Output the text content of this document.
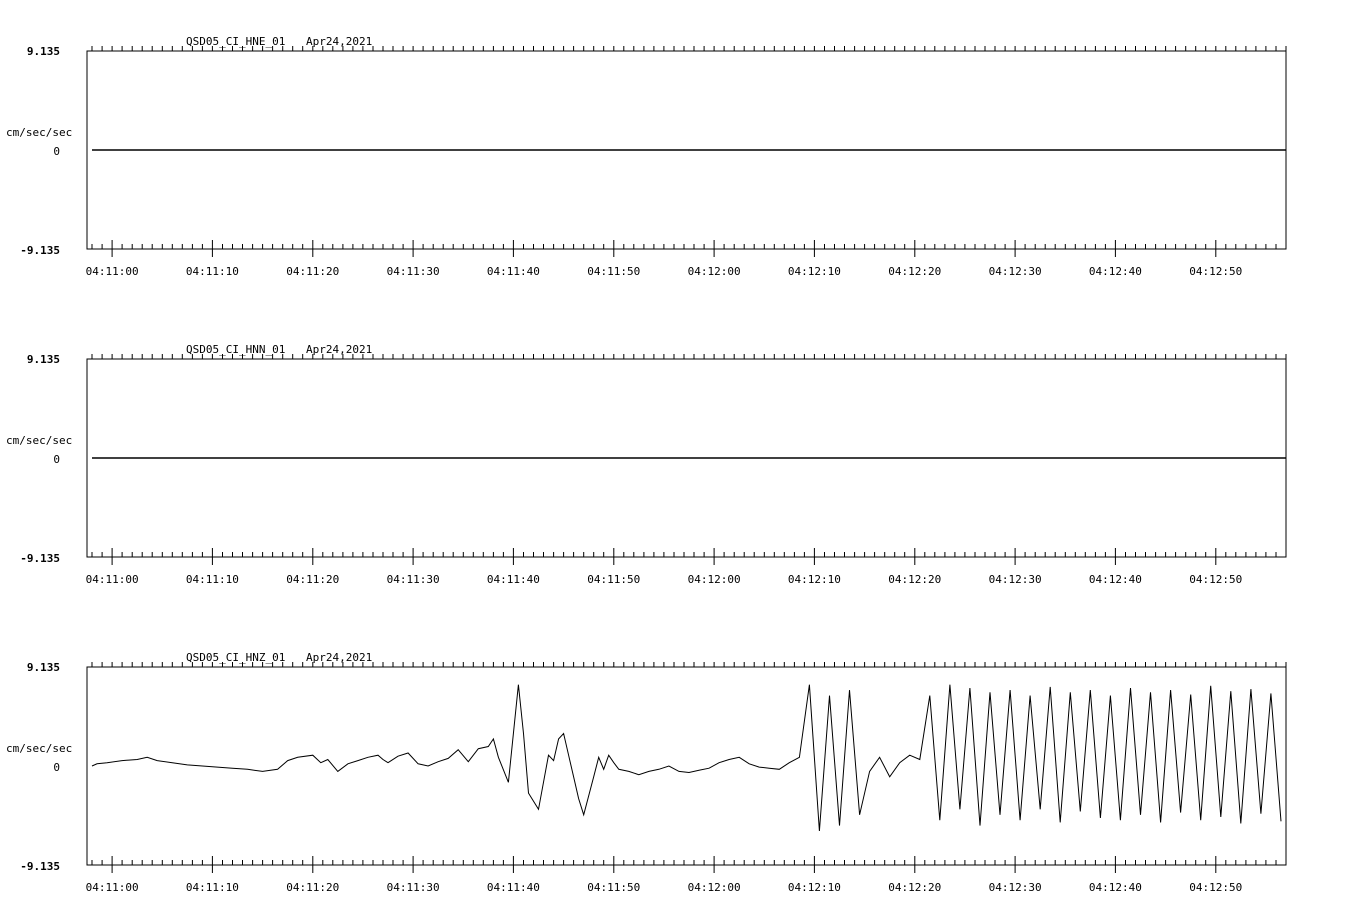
QSD05_CI_HNE_01 Apr24,2021
9.135
cm/sec/sec
0
-9.135
04:11:00	04:11:10	04:11:20	04:11:30	04:11:40	04:11:50	04:12:00	04:12:10	04:12:20	04:12:30	04:12:40	04:12:50
QSD05_CI_HNN_01 Apr24,2021
9.135
cm/sec/sec
0
-9.135
04:11:00	04:11:10	04:11:20	04:11:30	04:11:40	04:11:50	04:12:00	04:12:10	04:12:20	04:12:30	04:12:40	04:12:50
QSD05_CI_HNZ_01 Apr24,2021
9.135
cm/sec/sec
0
-9.135
04:11:00	04:11:10	04:11:20	04:11:30	04:11:40	04:11:50	04:12:00	04:12:10	04:12:20	04:12:30	04:12:40	04:12:50
